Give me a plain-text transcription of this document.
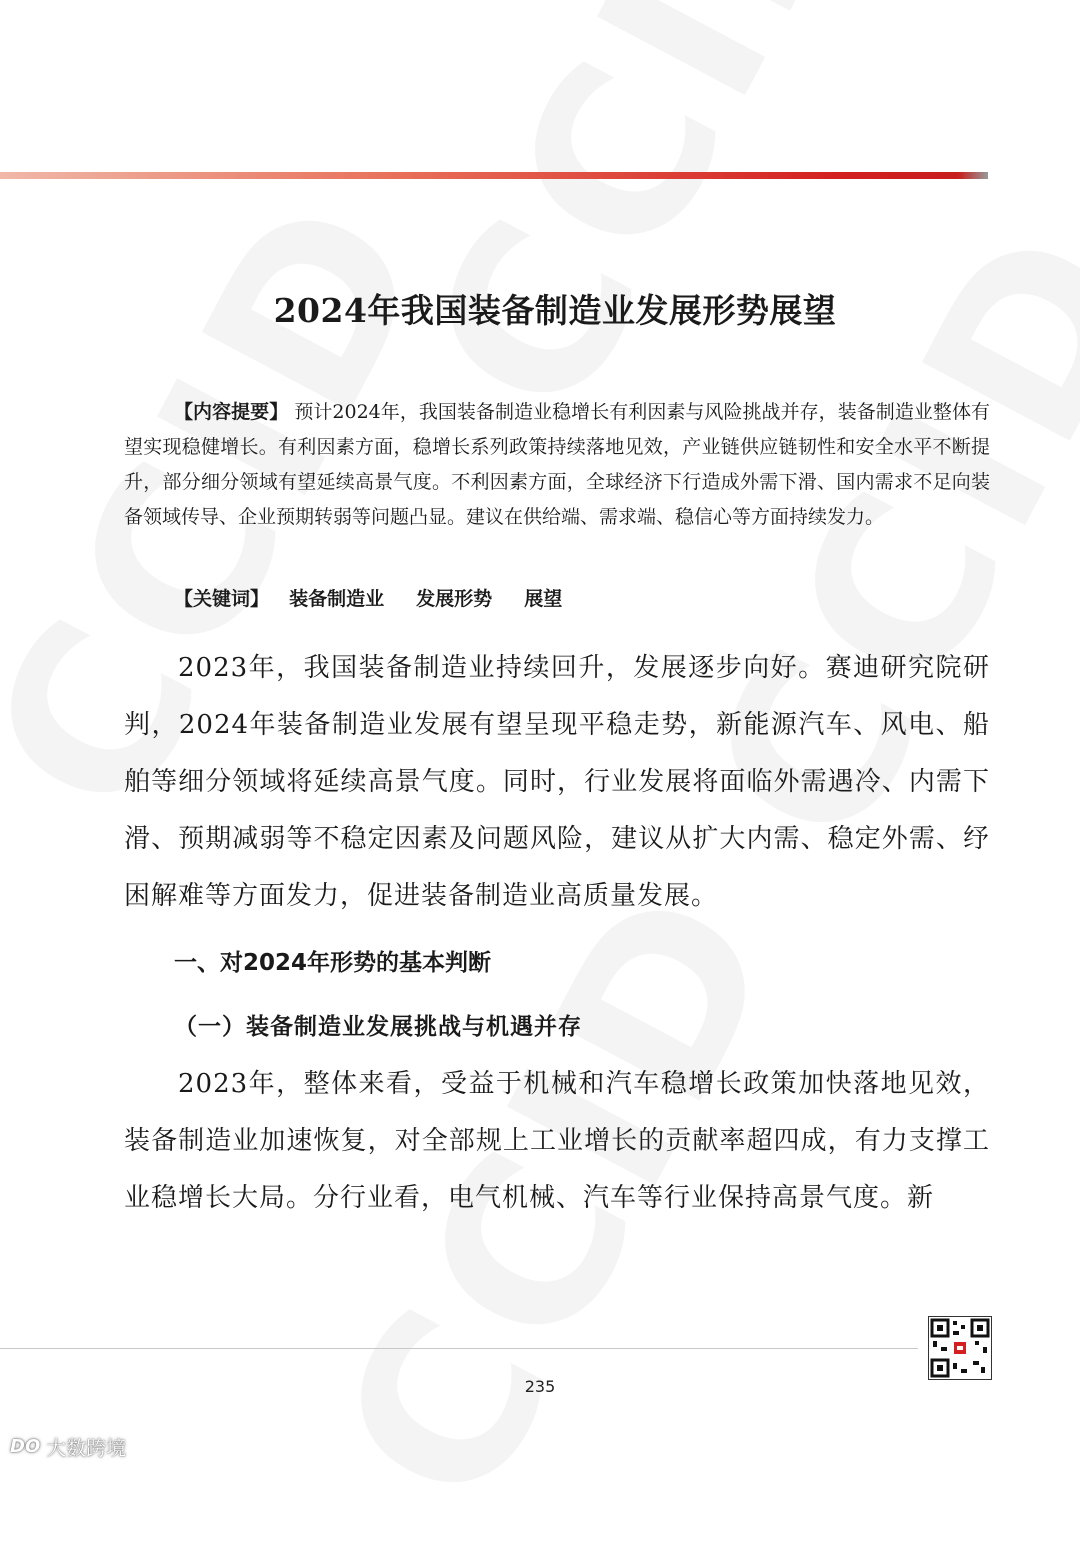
2024年我国装备制造业发展形势展望
【内容提要】 预计2024年，我国装备制造业稳增长有利因素与风险挑战并存，装备制造业整体有望实现稳健增长。有利因素方面，稳增长系列政策持续落地见效，产业链供应链韧性和安全水平不断提升，部分细分领域有望延续高景气度。不利因素方面，全球经济下行造成外需下滑、国内需求不足向装备领域传导、企业预期转弱等问题凸显。建议在供给端、需求端、稳信心等方面持续发力。
【关键词】 装备制造业 发展形势 展望
2023年，我国装备制造业持续回升，发展逐步向好。赛迪研究院研判，2024年装备制造业发展有望呈现平稳走势，新能源汽车、风电、船舶等细分领域将延续高景气度。同时，行业发展将面临外需遇冷、内需下滑、预期减弱等不稳定因素及问题风险，建议从扩大内需、稳定外需、纾困解难等方面发力，促进装备制造业高质量发展。
一、对2024年形势的基本判断
（一）装备制造业发展挑战与机遇并存
2023年，整体来看，受益于机械和汽车稳增长政策加快落地见效，装备制造业加速恢复，对全部规上工业增长的贡献率超四成，有力支撑工业稳增长大局。分行业看，电气机械、汽车等行业保持高景气度。新
235
DO 大数跨境
